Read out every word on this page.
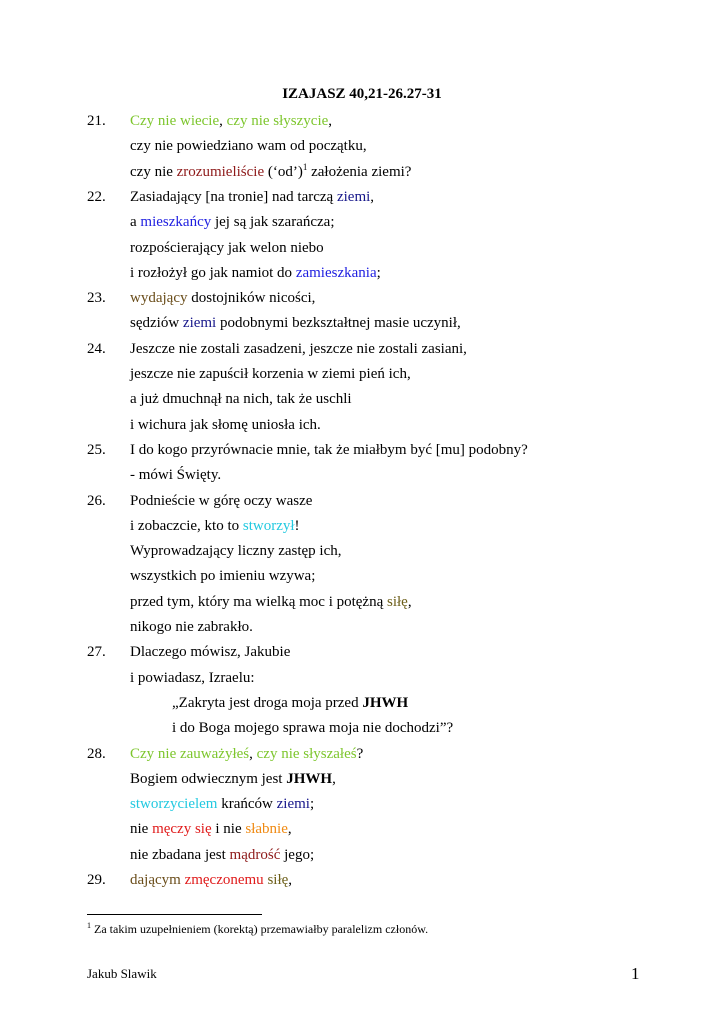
IZAJASZ 40,21-26.27-31
21. Czy nie wiecie, czy nie słyszycie,
czy nie powiedziano wam od początku,
czy nie zrozumieliście (‘od’)$^1$ założenia ziemi?
22. Zasiadający [na tronie] nad tarczą ziemi,
a mieszkańcy jej są jak szarańcza;
rozpościerający jak welon niebo
i rozłożył go jak namiot do zamieszkania;
23. wydający dostojników nicości,
sędziów ziemi podobnymi bezkształtnej masie uczynił,
24. Jeszcze nie zostali zasadzeni, jeszcze nie zostali zasiani,
jeszcze nie zapuścił korzenia w ziemi pień ich,
a już dmuchnął na nich, tak że uschli
i wichura jak słomę uniosła ich.
25. I do kogo przyrównacie mnie, tak że miałbym być [mu] podobny?
- mówi Święty.
26. Podnieście w górę oczy wasze
i zobaczcie, kto to stworzył!
Wyprowadzający liczny zastęp ich,
wszystkich po imieniu wzywa;
przed tym, który ma wielką moc i potężną siłę,
nikogo nie zabrakło.
27. Dlaczego mówisz, Jakubie
i powiadasz, Izraelu:
„Zakryta jest droga moja przed JHWH
i do Boga mojego sprawa moja nie dochodzi”?
28. Czy nie zauważyłeś, czy nie słyszałeś?
Bogiem odwiecznym jest JHWH,
stworzycielem krańców ziemi;
nie męczy się i nie słabnie,
nie zbadana jest mądrość jego;
29. dającym zmęczonemu siłę,
$^1$ Za takim uzupełnieniem (korektą) przemawiałby paralelizm członów.
Jakub Slawik	1
